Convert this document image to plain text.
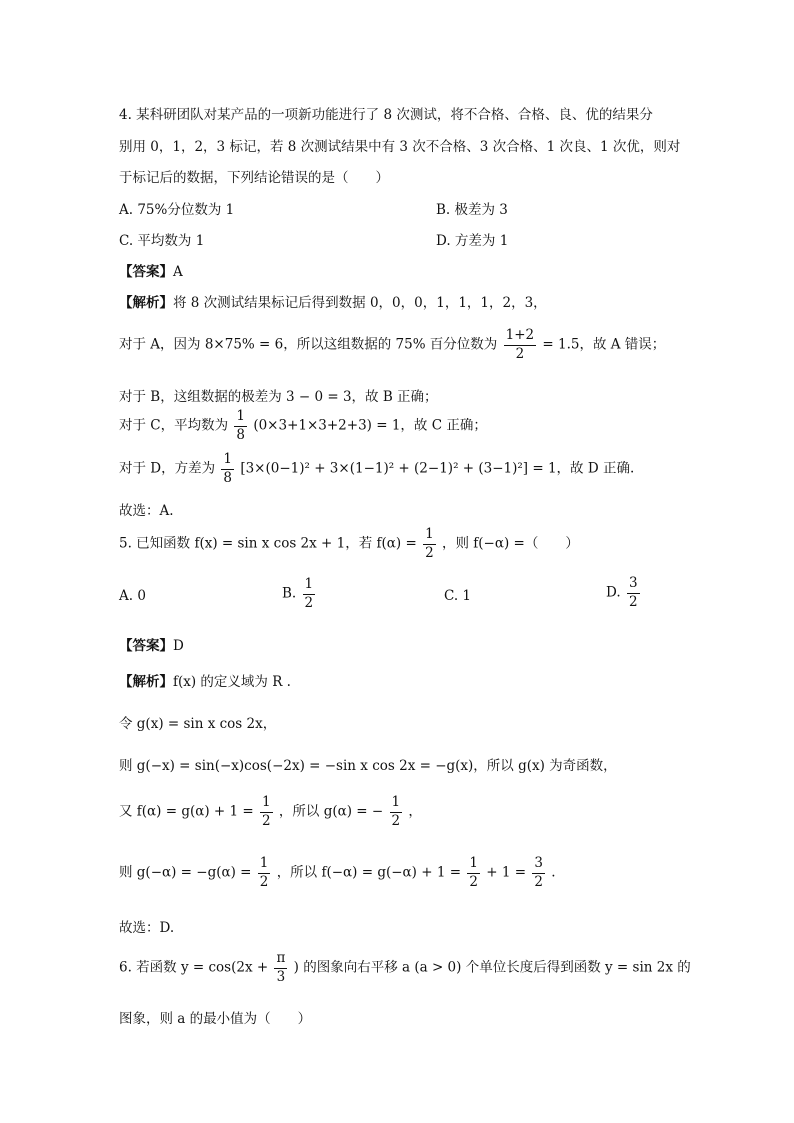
4. 某科研团队对某产品的一项新功能进行了 8 次测试，将不合格、合格、良、优的结果分
别用 0，1，2，3 标记，若 8 次测试结果中有 3 次不合格、3 次合格、1 次良、1 次优，则对
于标记后的数据，下列结论错误的是（　　）
A. 75%分位数为 1	B. 极差为 3
C. 平均数为 1	D. 方差为 1
【答案】A
【解析】将 8 次测试结果标记后得到数据 0，0，0，1，1，1，2，3，
对于 A，因为 8×75% = 6，所以这组数据的 75% 百分位数为 $\frac{1+2}{2} = 1.5$，故 A 错误；
对于 B，这组数据的极差为 3 − 0 = 3，故 B 正确；
对于 C，平均数为 $\frac{1}{8} (0\times 3+1\times 3+2+3) = 1$，故 C 正确；
对于 D，方差为 $\frac{1}{8} [3\times(0-1)^2 + 3\times(1-1)^2 + (2-1)^2 + (3-1)^2] = 1$，故 D 正确.
故选：A.
5. 已知函数 f(x) = sin x cos 2x + 1，若 $f(\alpha) = \frac{1}{2}$ ，则 f(−α) =（　　）
A. 0	B. $\frac{1}{2}$	C. 1	D. $\frac{3}{2}$
【答案】D
【解析】f(x) 的定义域为 R .
令 g(x) = sin x cos 2x，
则 g(−x) = sin(−x)cos(−2x) = −sin x cos 2x = −g(x)，所以 g(x) 为奇函数，
又 $f(\alpha) = g(\alpha) + 1 = \frac{1}{2}$ ，所以 g(α) = − $\frac{1}{2}$ ，
则 $g(-\alpha) = -g(\alpha) = \frac{1}{2}$ ，所以 $f(-\alpha) = g(-\alpha) + 1 = \frac{1}{2} + 1 = \frac{3}{2}$ .
故选：D.
6. 若函数 $y = \cos(2x + \frac{\pi}{3}$ ) 的图象向右平移 a (a > 0) 个单位长度后得到函数 y = sin 2x 的
图象，则 a 的最小值为（　　）
